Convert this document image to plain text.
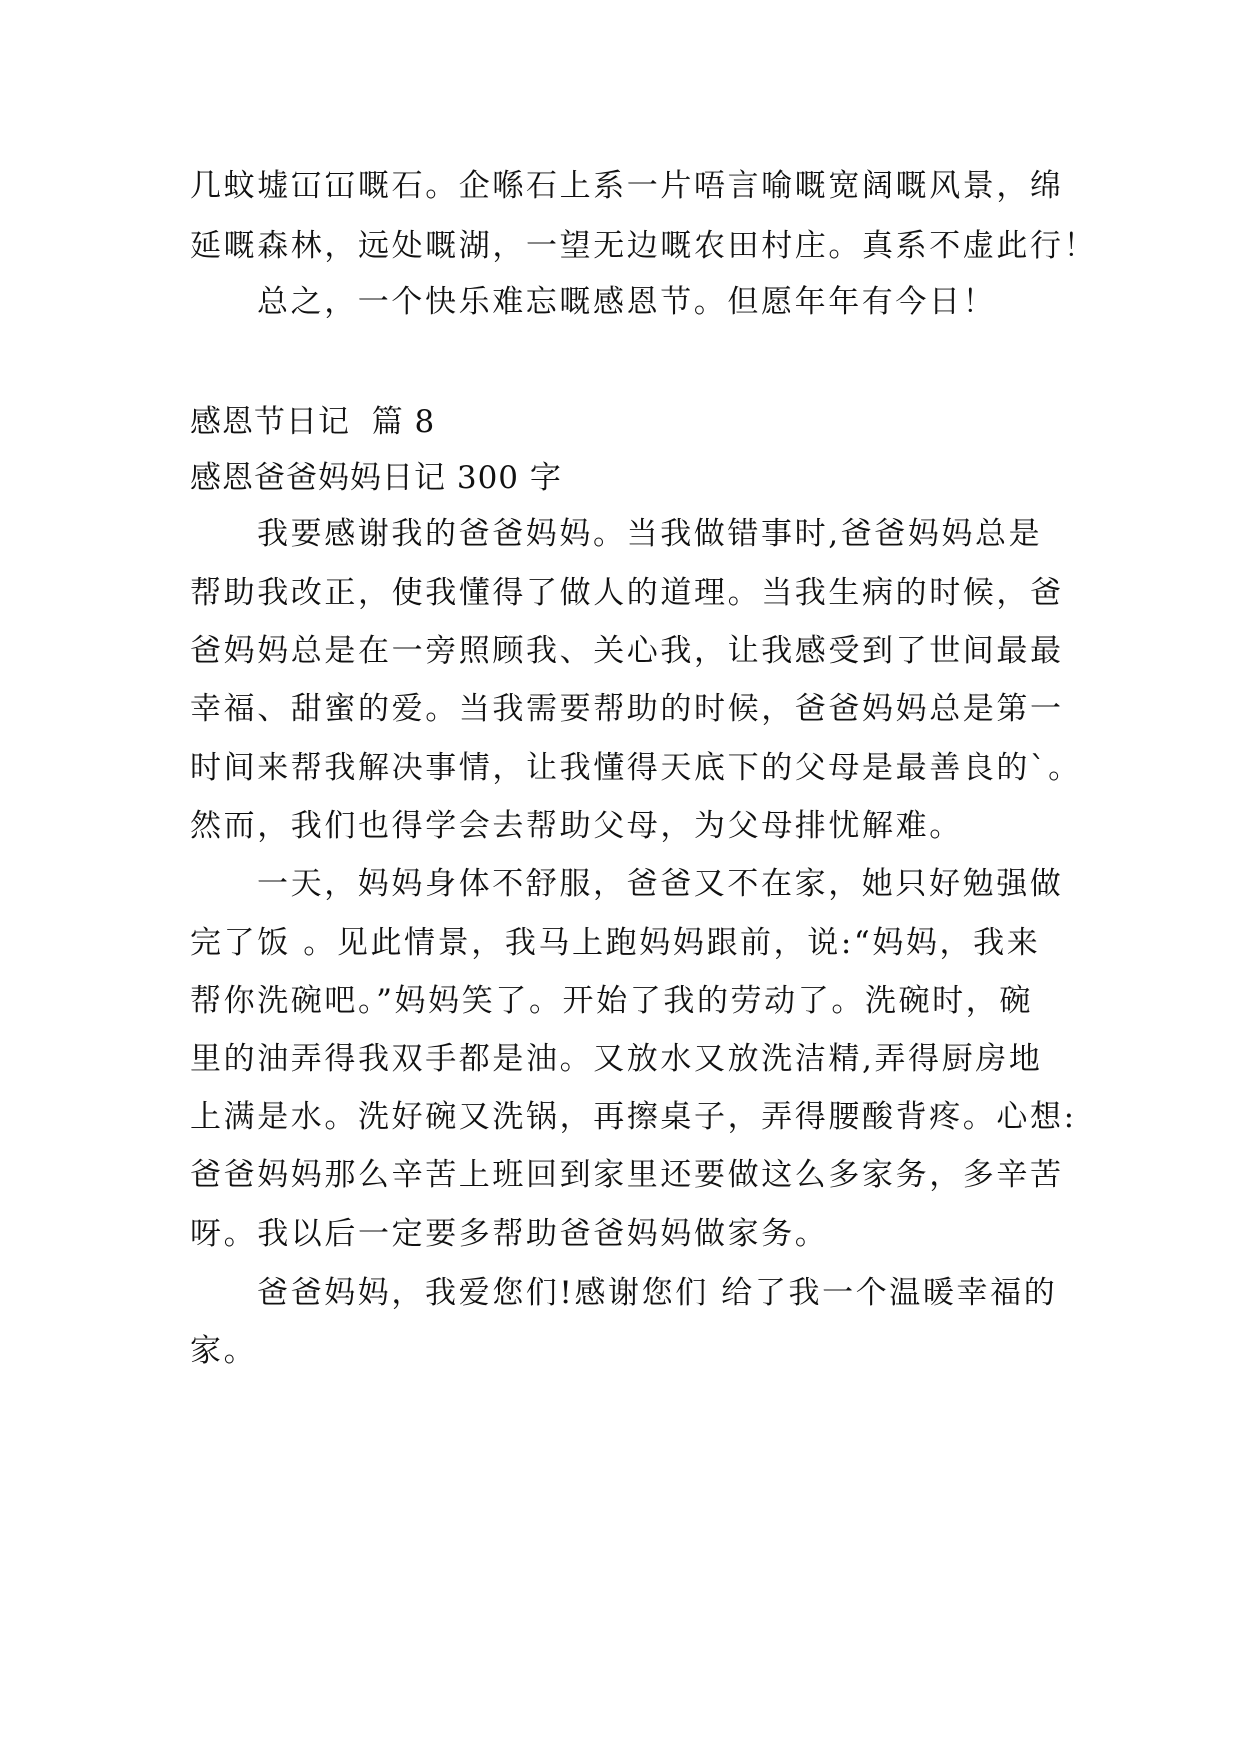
几蚊墟冚冚嘅石。企喺石上系一片唔言喻嘅宽阔嘅风景，绵
延嘅森林，远处嘅湖，一望无边嘅农田村庄。真系不虚此行！
总之，一个快乐难忘嘅感恩节。但愿年年有今日！
感恩节日记  篇 8
感恩爸爸妈妈日记 300 字
我要感谢我的爸爸妈妈。当我做错事时,爸爸妈妈总是
帮助我改正，使我懂得了做人的道理。当我生病的时候，爸
爸妈妈总是在一旁照顾我、关心我，让我感受到了世间最最
幸福、甜蜜的爱。当我需要帮助的时候，爸爸妈妈总是第一
时间来帮我解决事情，让我懂得天底下的父母是最善良的`。
然而，我们也得学会去帮助父母，为父母排忧解难。
一天，妈妈身体不舒服，爸爸又不在家，她只好勉强做
完了饭 。见此情景，我马上跑妈妈跟前，说:“妈妈，我来
帮你洗碗吧。”妈妈笑了。开始了我的劳动了。洗碗时，碗
里的油弄得我双手都是油。又放水又放洗洁精,弄得厨房地
上满是水。洗好碗又洗锅，再擦桌子，弄得腰酸背疼。心想:
爸爸妈妈那么辛苦上班回到家里还要做这么多家务，多辛苦
呀。我以后一定要多帮助爸爸妈妈做家务。
爸爸妈妈，我爱您们!感谢您们 给了我一个温暖幸福的
家。
